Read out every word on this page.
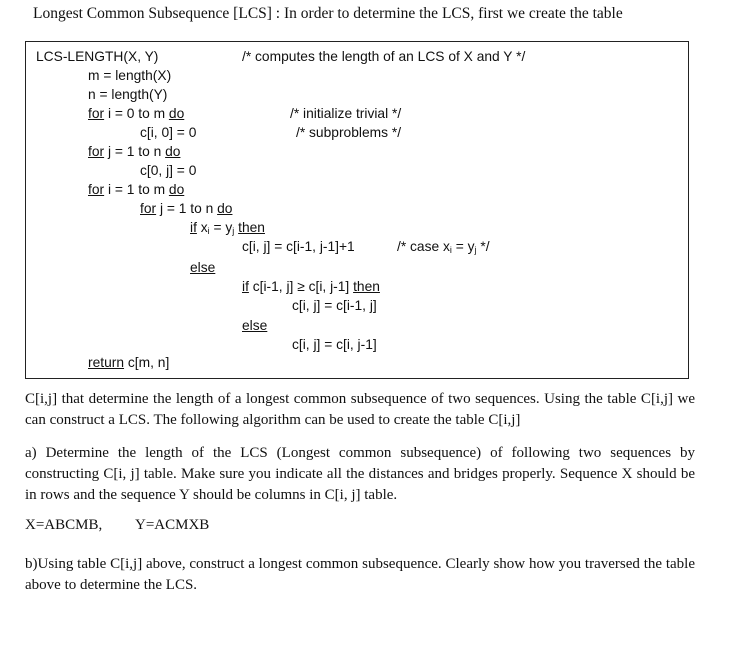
Longest Common Subsequence [LCS] : In order to determine the LCS, first we create the table
LCS-LENGTH(X, Y)	/* computes the length of an LCS of X and Y */
m = length(X)
n = length(Y)
for i = 0 to m do	/* initialize trivial */
c[i, 0] = 0	/* subproblems */
for j = 1 to n do
c[0, j] = 0
for i = 1 to m do
for j = 1 to n do
if $x_i = y_j$ then
c[i, j] = c[i-1, j-1]+1	/* case $x_i = y_j$ */
else
if c[i-1, j] ≥ c[i, j-1] then
c[i, j] = c[i-1, j]
else
c[i, j] = c[i, j-1]
return c[m, n]
C[i,j] that determine the length of a longest common subsequence of two sequences. Using the table C[i,j] we can construct a LCS. The following algorithm can be used to create the table C[i,j]
a) Determine the length of the LCS (Longest common subsequence) of following two sequences by constructing C[i, j] table. Make sure you indicate all the distances and bridges properly. Sequence X should be in rows and the sequence Y should be columns in C[i, j] table.
X=ABCMB, Y=ACMXB
b)Using table C[i,j] above, construct a longest common subsequence. Clearly show how you traversed the table above to determine the LCS.
